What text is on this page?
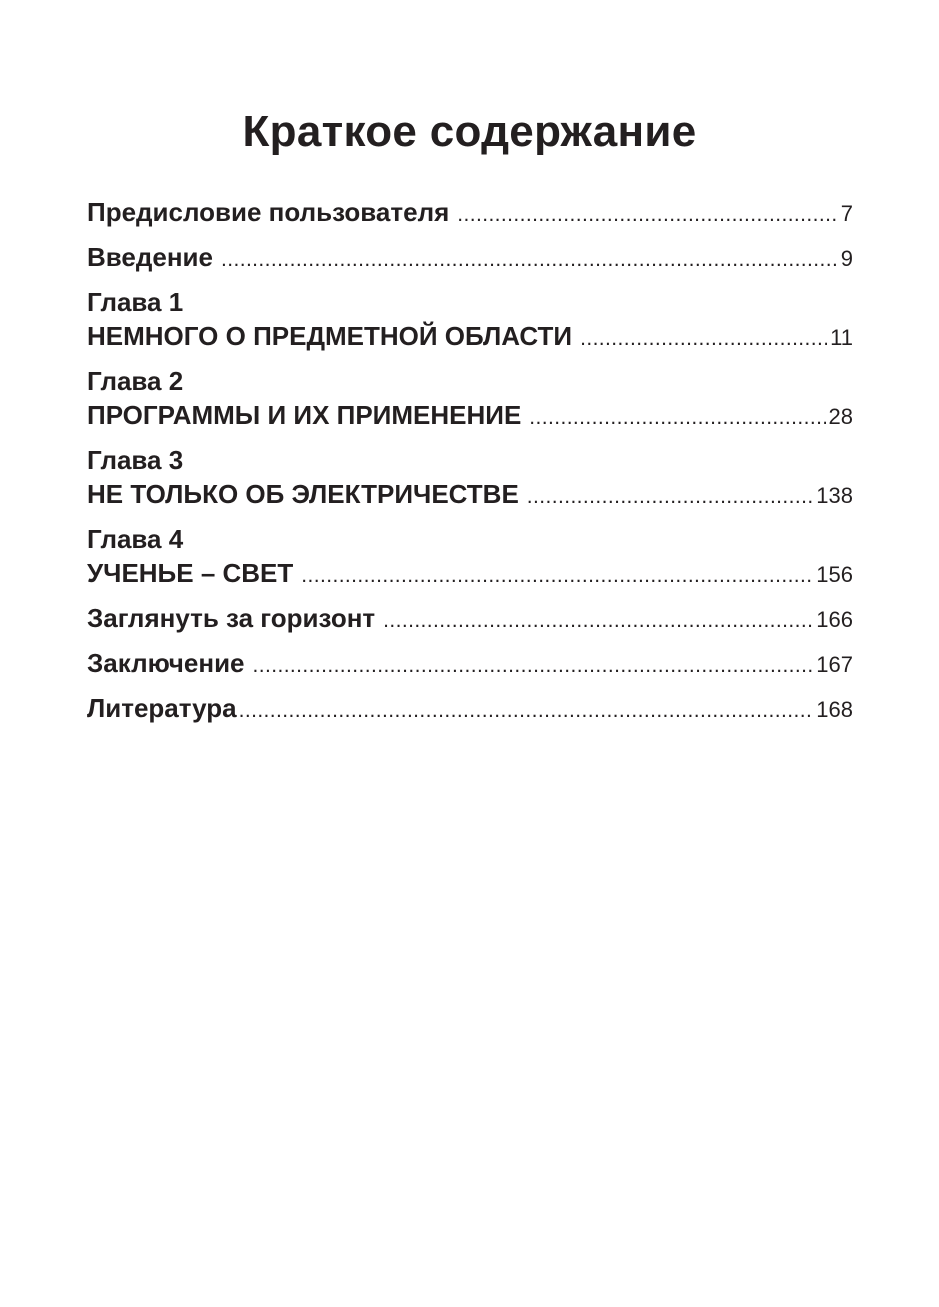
Краткое содержание
Предисловие пользователя .....	7
Введение .....	9
Глава 1
НЕМНОГО О ПРЕДМЕТНОЙ ОБЛАСТИ .....	11
Глава 2
ПРОГРАММЫ И ИХ ПРИМЕНЕНИЕ .....	28
Глава 3
НЕ ТОЛЬКО ОБ ЭЛЕКТРИЧЕСТВЕ .....	138
Глава 4
УЧЕНЬЕ – СВЕТ .....	156
Заглянуть за горизонт .....	166
Заключение .....	167
Литература .....	168
